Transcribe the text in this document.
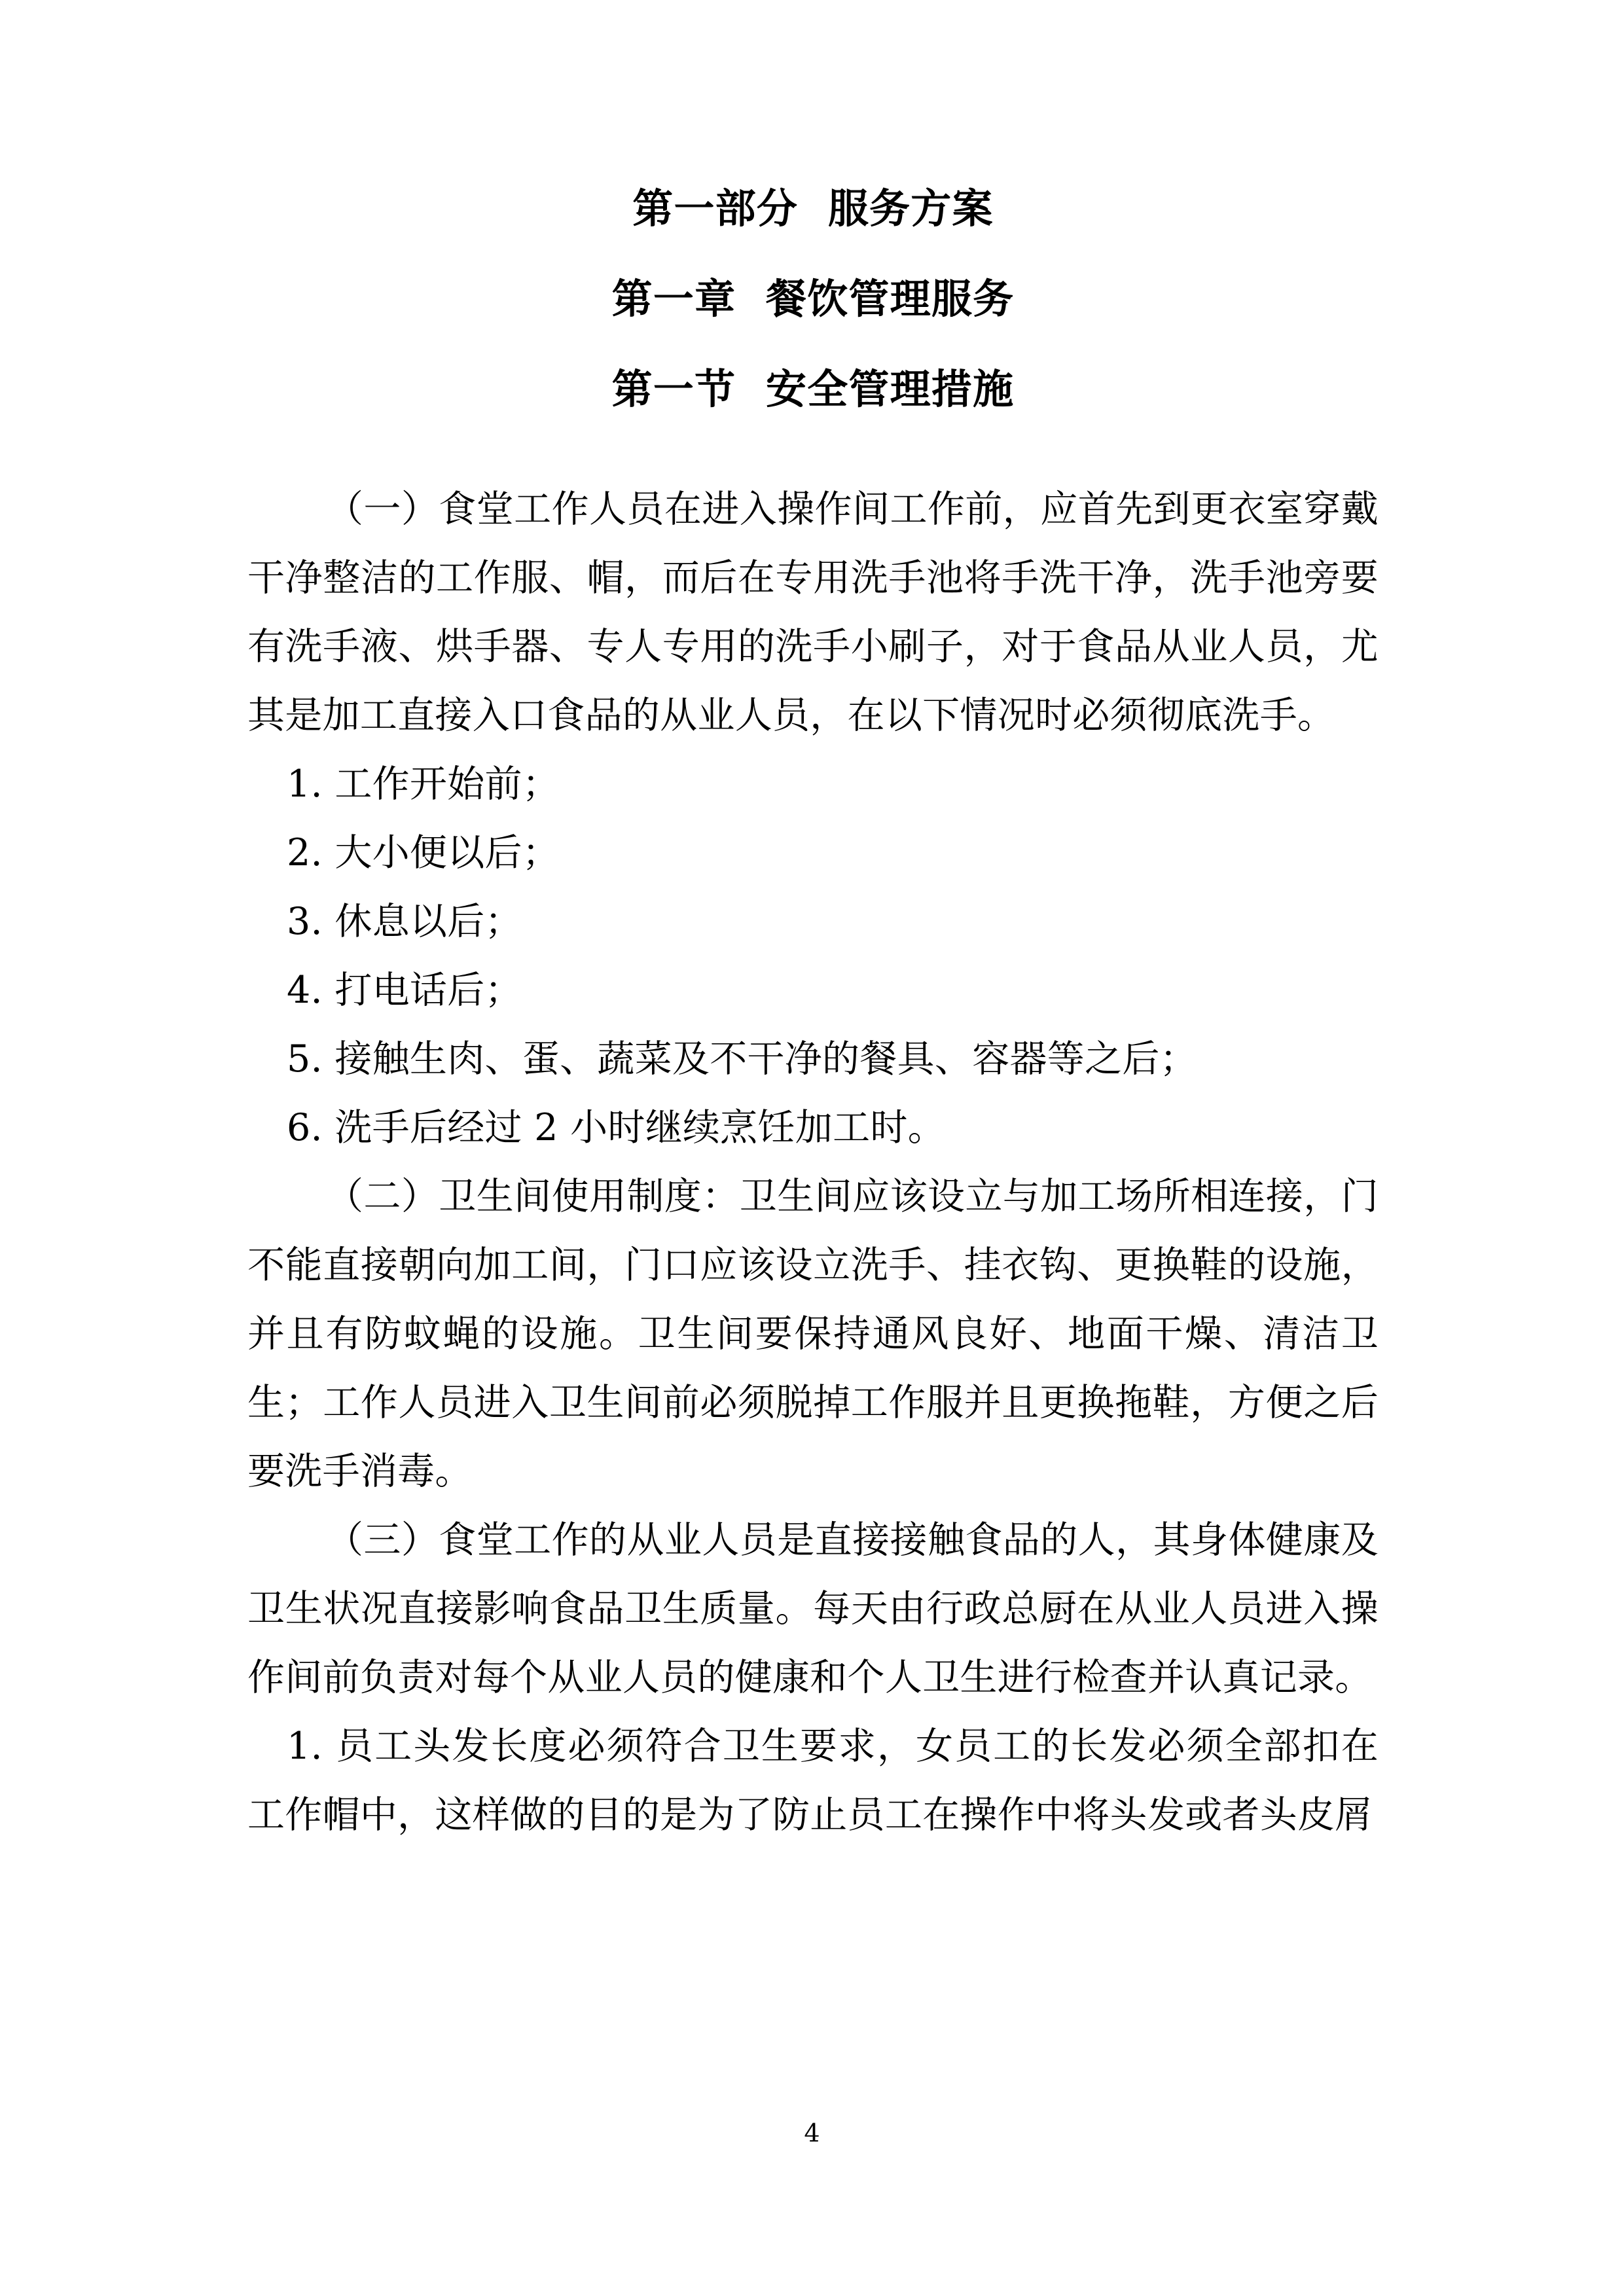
第一部分  服务方案
第一章  餐饮管理服务
第一节  安全管理措施

（一）食堂工作人员在进入操作间工作前，应首先到更衣室穿戴干净整洁的工作服、帽，而后在专用洗手池将手洗干净，洗手池旁要有洗手液、烘手器、专人专用的洗手小刷子，对于食品从业人员，尤其是加工直接入口食品的从业人员，在以下情况时必须彻底洗手。

1. 工作开始前；

2. 大小便以后；

3. 休息以后；

4. 打电话后；

5. 接触生肉、蛋、蔬菜及不干净的餐具、容器等之后；

6. 洗手后经过 2 小时继续烹饪加工时。

（二）卫生间使用制度：卫生间应该设立与加工场所相连接，门不能直接朝向加工间，门口应该设立洗手、挂衣钩、更换鞋的设施，并且有防蚊蝇的设施。卫生间要保持通风良好、地面干燥、清洁卫生；工作人员进入卫生间前必须脱掉工作服并且更换拖鞋，方便之后要洗手消毒。

（三）食堂工作的从业人员是直接接触食品的人，其身体健康及卫生状况直接影响食品卫生质量。每天由行政总厨在从业人员进入操作间前负责对每个从业人员的健康和个人卫生进行检查并认真记录。

1. 员工头发长度必须符合卫生要求，女员工的长发必须全部扣在工作帽中，这样做的目的是为了防止员工在操作中将头发或者头皮屑

4
